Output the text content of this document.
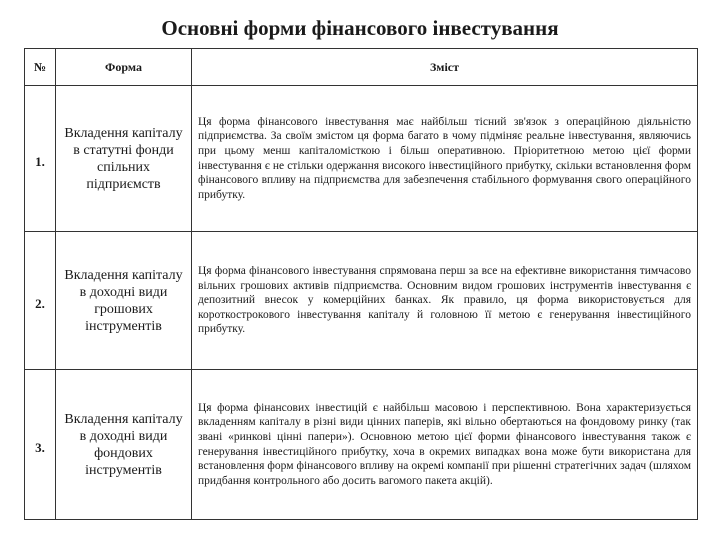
Основні форми фінансового інвестування
№	Форма	Зміст
1.	Вкладення капіталу в статутні фонди спільних підприємств	Ця форма фінансового інвестування має найбільш тісний зв'язок з операційною діяльністю підприємства. За своїм змістом ця форма багато в чому підміняє реальне інвестування, являючись при цьому менш капіталомісткою і більш оперативною. Пріоритетною метою цієї форми інвестування є не стільки одержання високого інвестиційного прибутку, скільки встановлення форм фінансового впливу на підприємства для забезпечення стабільного формування свого операційного прибутку.
2.	Вкладення капіталу в доходні види грошових інструментів	Ця форма фінансового інвестування спрямована перш за все на ефективне використання тимчасово вільних грошових активів підприємства. Основним видом грошових інструментів інвестування є депозитний внесок у комерційних банках. Як правило, ця форма використовується для короткострокового інвестування капіталу й головною її метою є генерування інвестиційного прибутку.
3.	Вкладення капіталу в доходні види фондових інструментів	Ця форма фінансових інвестицій є найбільш масовою і перспективною. Вона характеризується вкладенням капіталу в різні види цінних паперів, які вільно обертаються на фондовому ринку (так звані «ринкові цінні папери»). Основною метою цієї форми фінансового інвестування також є генерування інвестиційного прибутку, хоча в окремих випадках вона може бути використана для встановлення форм фінансового впливу на окремі компанії при рішенні стратегічних задач (шляхом придбання контрольного або досить вагомого пакета акцій).
